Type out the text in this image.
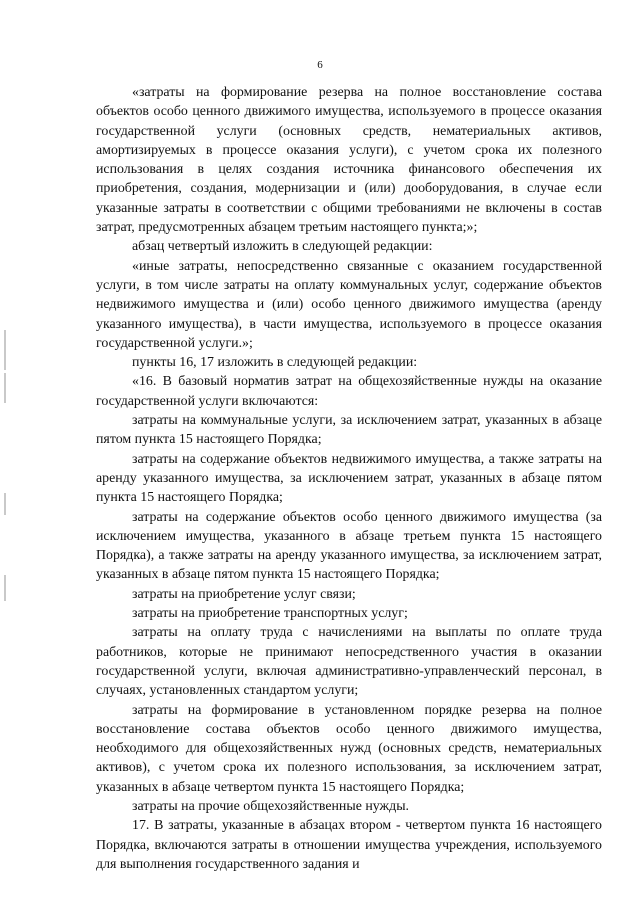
6

«затраты на формирование резерва на полное восстановление состава объектов особо ценного движимого имущества, используемого в процессе оказания государственной услуги (основных средств, нематериальных активов, амортизируемых в процессе оказания услуги), с учетом срока их полезного использования в целях создания источника финансового обеспечения их приобретения, создания, модернизации и (или) дооборудования, в случае если указанные затраты в соответствии с общими требованиями не включены в состав затрат, предусмотренных абзацем третьим настоящего пункта;»;

абзац четвертый изложить в следующей редакции:

«иные затраты, непосредственно связанные с оказанием государственной услуги, в том числе затраты на оплату коммунальных услуг, содержание объектов недвижимого имущества и (или) особо ценного движимого имущества (аренду указанного имущества), в части имущества, используемого в процессе оказания государственной услуги.»;

пункты 16, 17 изложить в следующей редакции:

«16. В базовый норматив затрат на общехозяйственные нужды на оказание государственной услуги включаются:

затраты на коммунальные услуги, за исключением затрат, указанных в абзаце пятом пункта 15 настоящего Порядка;

затраты на содержание объектов недвижимого имущества, а также затраты на аренду указанного имущества, за исключением затрат, указанных в абзаце пятом пункта 15 настоящего Порядка;

затраты на содержание объектов особо ценного движимого имущества (за исключением имущества, указанного в абзаце третьем пункта 15 настоящего Порядка), а также затраты на аренду указанного имущества, за исключением затрат, указанных в абзаце пятом пункта 15 настоящего Порядка;

затраты на приобретение услуг связи;

затраты на приобретение транспортных услуг;

затраты на оплату труда с начислениями на выплаты по оплате труда работников, которые не принимают непосредственного участия в оказании государственной услуги, включая административно-управленческий персонал, в случаях, установленных стандартом услуги;

затраты на формирование в установленном порядке резерва на полное восстановление состава объектов особо ценного движимого имущества, необходимого для общехозяйственных нужд (основных средств, нематериальных активов), с учетом срока их полезного использования, за исключением затрат, указанных в абзаце четвертом пункта 15 настоящего Порядка;

затраты на прочие общехозяйственные нужды.

17. В затраты, указанные в абзацах втором - четвертом пункта 16 настоящего Порядка, включаются затраты в отношении имущества учреждения, используемого для выполнения государственного задания и
